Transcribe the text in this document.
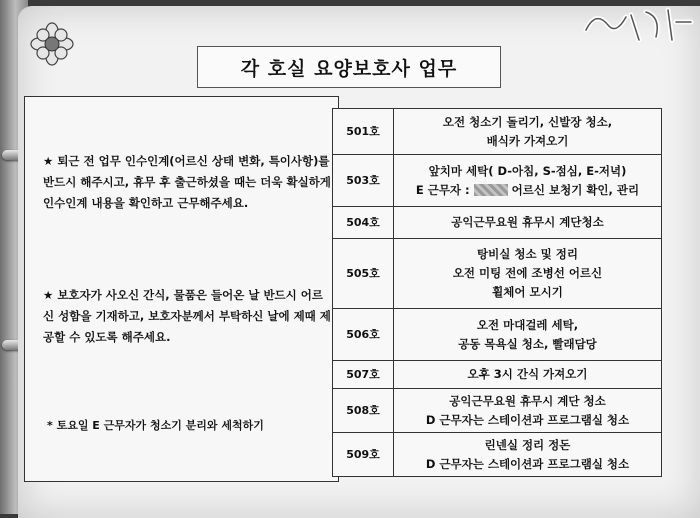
각 호실 요양보호사 업무
★ 퇴근 전 업무 인수인계(어르신 상태 변화, 특이사항)를 반드시 해주시고, 휴무 후 출근하셨을 때는 더욱 확실하게 인수인계 내용을 확인하고 근무해주세요.
★ 보호자가 사오신 간식, 물품은 들어온 날 반드시 어르신 성함을 기재하고, 보호자분께서 부탁하신 날에 제때 제공할 수 있도록 해주세요.
* 토요일 E 근무자가 청소기 분리와 세척하기
501호	오전 청소기 돌리기, 신발장 청소,
배식카 가져오기

503호	앞치마 세탁( D-아침, S-점심, E-저녁)
E 근무자 : 어르신 보청기 확인, 관리

504호	공익근무요원 휴무시 계단청소

505호	탕비실 청소 및 정리
오전 미팅 전에 조병선 어르신
휠체어 모시기

506호	오전 마대걸레 세탁,
공동 목욕실 청소, 빨래담당

507호	오후 3시 간식 가져오기

508호	공익근무요원 휴무시 계단 청소
D 근무자는 스테이션과 프로그램실 청소

509호	린넨실 정리 정돈
D 근무자는 스테이션과 프로그램실 청소
